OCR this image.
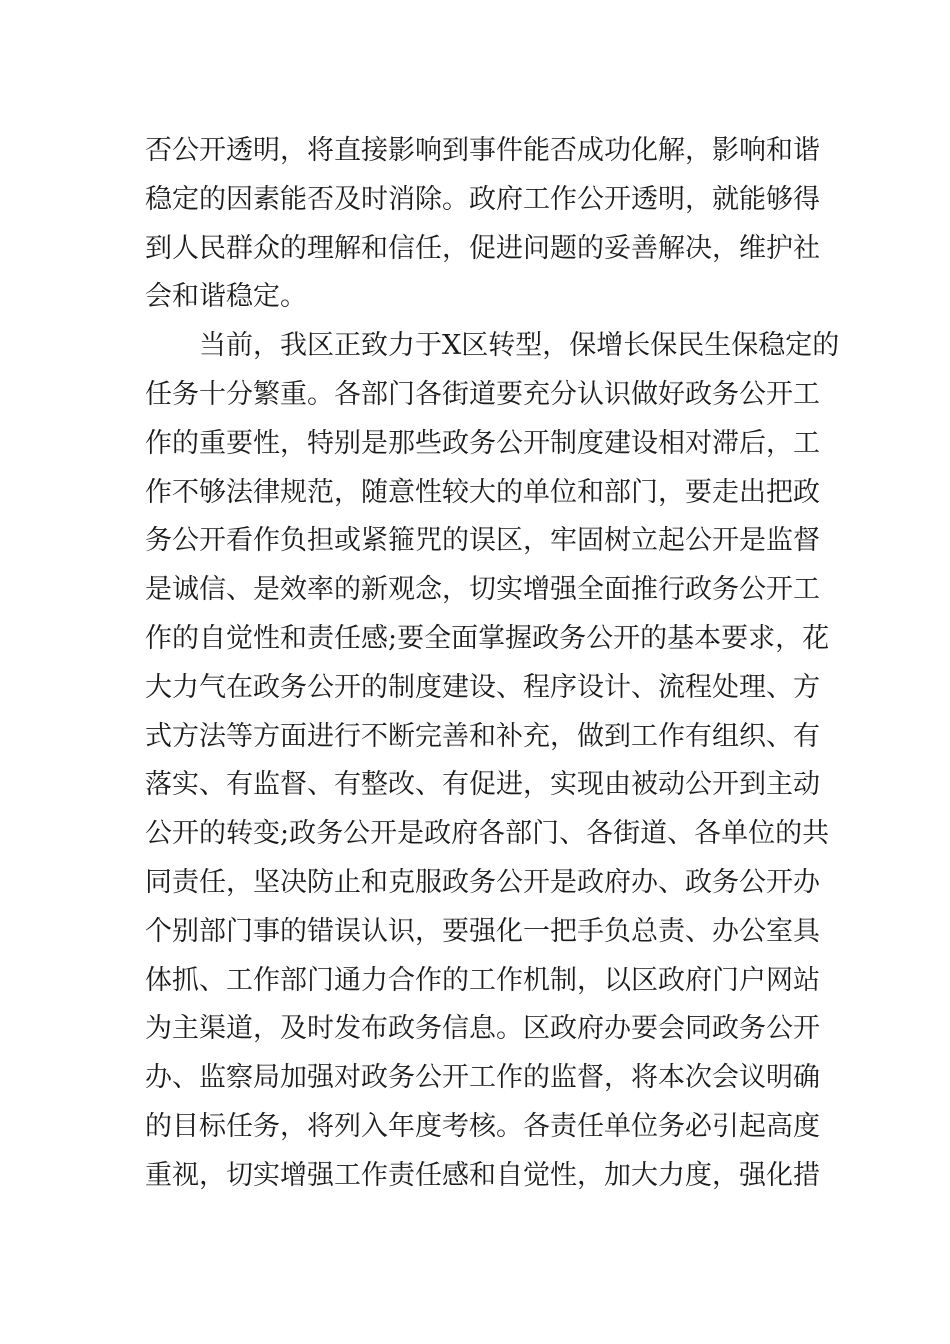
否公开透明，将直接影响到事件能否成功化解，影响和谐
稳定的因素能否及时消除。政府工作公开透明，就能够得
到人民群众的理解和信任，促进问题的妥善解决，维护社
会和谐稳定。
当前，我区正致力于X区转型，保增长保民生保稳定的
任务十分繁重。各部门各街道要充分认识做好政务公开工
作的重要性，特别是那些政务公开制度建设相对滞后，工
作不够法律规范，随意性较大的单位和部门，要走出把政
务公开看作负担或紧箍咒的误区，牢固树立起公开是监督
是诚信、是效率的新观念，切实增强全面推行政务公开工
作的自觉性和责任感;要全面掌握政务公开的基本要求，花
大力气在政务公开的制度建设、程序设计、流程处理、方
式方法等方面进行不断完善和补充，做到工作有组织、有
落实、有监督、有整改、有促进，实现由被动公开到主动
公开的转变;政务公开是政府各部门、各街道、各单位的共
同责任，坚决防止和克服政务公开是政府办、政务公开办
个别部门事的错误认识，要强化一把手负总责、办公室具
体抓、工作部门通力合作的工作机制，以区政府门户网站
为主渠道，及时发布政务信息。区政府办要会同政务公开
办、监察局加强对政务公开工作的监督，将本次会议明确
的目标任务，将列入年度考核。各责任单位务必引起高度
重视，切实增强工作责任感和自觉性，加大力度，强化措
